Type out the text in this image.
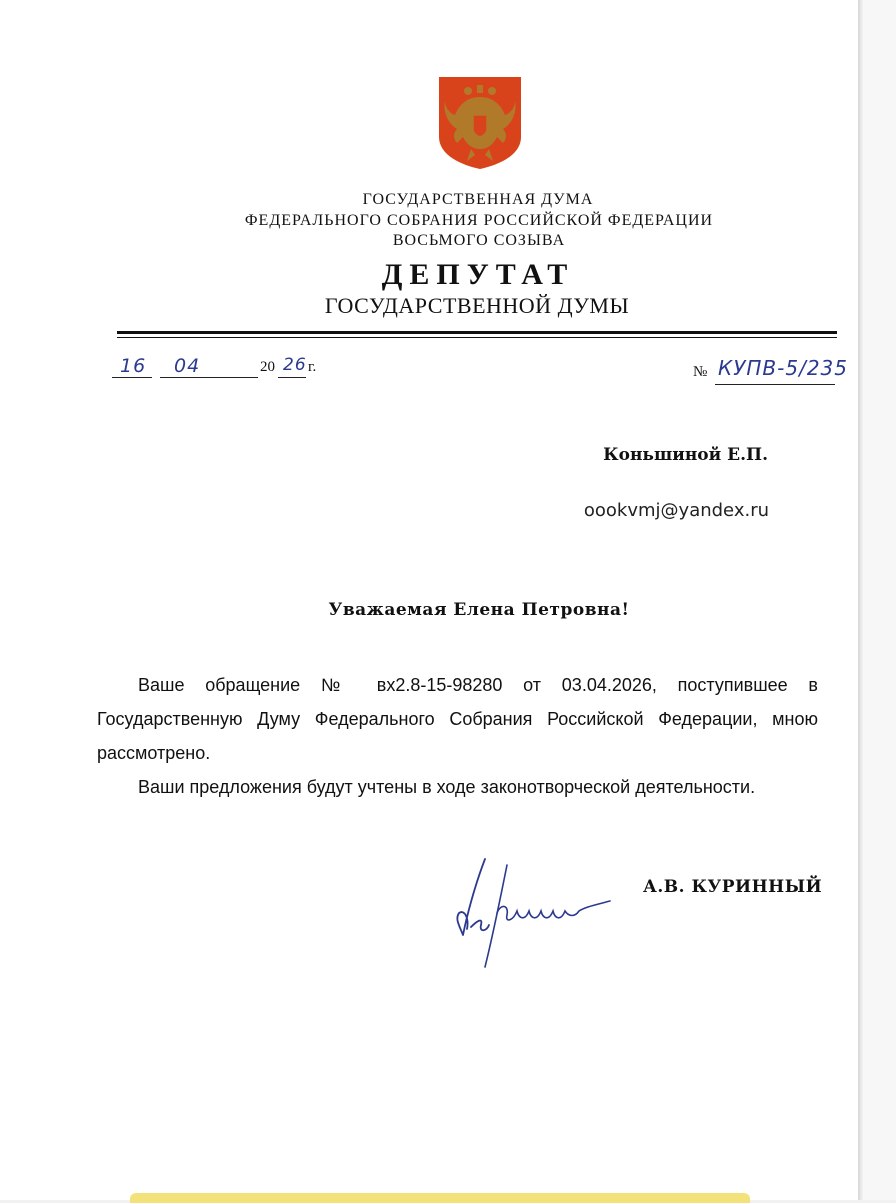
ГОСУДАРСТВЕННАЯ ДУМА
ФЕДЕРАЛЬНОГО СОБРАНИЯ РОССИЙСКОЙ ФЕДЕРАЦИИ
ВОСЬМОГО СОЗЫВА
ДЕПУТАТ
ГОСУДАРСТВЕННОЙ ДУМЫ
16 04	20 26 г.	№ КУПВ-5/235
Коньшиной Е.П.
oookvmj@yandex.ru
Уважаемая Елена Петровна!

Ваше обращение № вх2.8-15-98280 от 03.04.2026, поступившее в Государственную Думу Федерального Собрания Российской Федерации, мною рассмотрено.

Ваши предложения будут учтены в ходе законотворческой деятельности.

А.В. КУРИННЫЙ
